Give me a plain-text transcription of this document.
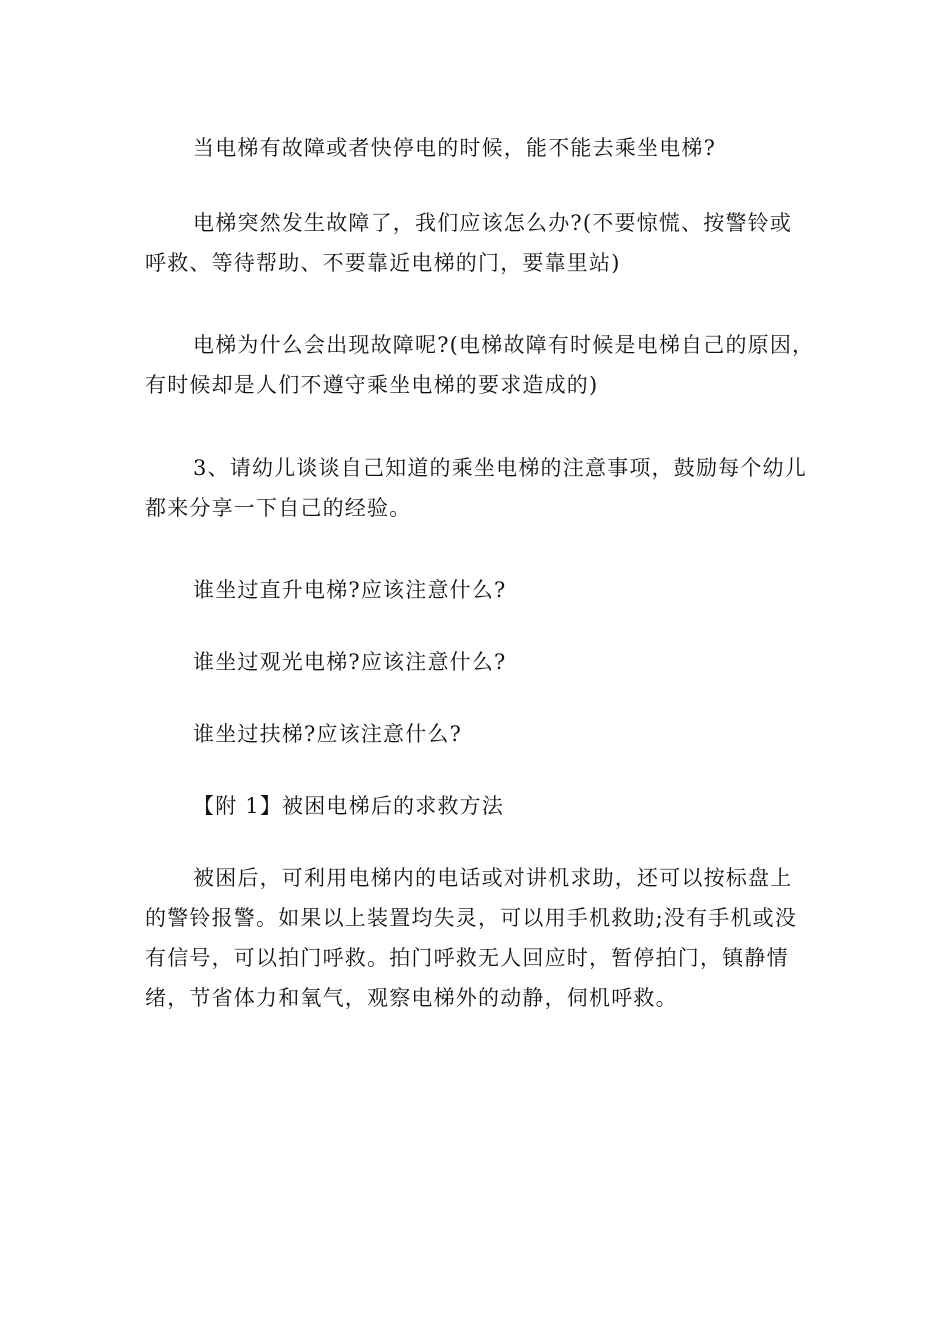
当电梯有故障或者快停电的时候，能不能去乘坐电梯?

电梯突然发生故障了，我们应该怎么办?(不要惊慌、按警铃或
呼救、等待帮助、不要靠近电梯的门，要靠里站)

电梯为什么会出现故障呢?(电梯故障有时候是电梯自己的原因，
有时候却是人们不遵守乘坐电梯的要求造成的)

3、请幼儿谈谈自己知道的乘坐电梯的注意事项，鼓励每个幼儿
都来分享一下自己的经验。

谁坐过直升电梯?应该注意什么?

谁坐过观光电梯?应该注意什么?

谁坐过扶梯?应该注意什么?

【附 1】被困电梯后的求救方法

被困后，可利用电梯内的电话或对讲机求助，还可以按标盘上
的警铃报警。如果以上装置均失灵，可以用手机救助;没有手机或没
有信号，可以拍门呼救。拍门呼救无人回应时，暂停拍门，镇静情
绪，节省体力和氧气，观察电梯外的动静，伺机呼救。
